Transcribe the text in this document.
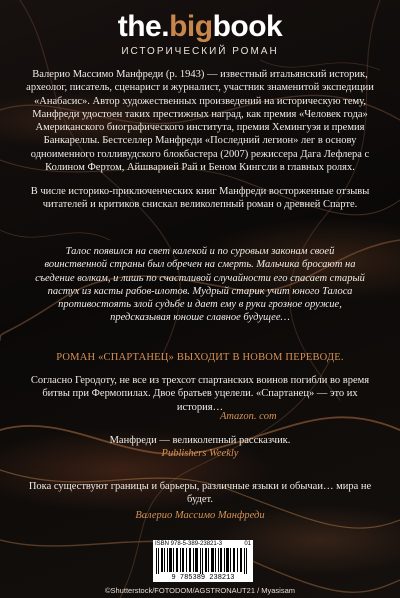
the.bigbook
ИСТОРИЧЕСКИЙ РОМАН
Валерио Массимо Манфреди (р. 1943) — известный итальянский историк, археолог, писатель, сценарист и журналист, участник знаменитой экспедиции «Анабасис». Автор художественных произведений на историческую тему, Манфреди удостоен таких престижных наград, как премия «Человек года» Американского биографического института, премия Хемингуэя и премия Банкареллы. Бестселлер Манфреди «Последний легион» лег в основу одноименного голливудского блокбастера (2007) режиссера Дага Лефлера с Колином Фертом, Айшварией Рай и Беном Кингсли в главных ролях.
В числе историко-приключенческих книг Манфреди восторженные отзывы читателей и критиков снискал великолепный роман о древней Спарте.
Талос появился на свет калекой и по суровым законам своей воинственной страны был обречен на смерть. Мальчика бросают на съедение волкам, и лишь по счастливой случайности его спасает старый пастух из касты рабов-илотов. Мудрый старик учит юного Талоса противостоять злой судьбе и дает ему в руки грозное оружие, предсказывая юноше славное будущее…
РОМАН «СПАРТАНЕЦ» ВЫХОДИТ В НОВОМ ПЕРЕВОДЕ.
Согласно Геродоту, не все из трехсот спартанских воинов погибли во время битвы при Фермопилах. Двое братьев уцелели. «Спартанец» — это их история…
Amazon. com
Манфреди — великолепный рассказчик.
Publishers Weekly
Пока существуют границы и барьеры, различные языки и обычаи… мира не будет.
Валерио Массимо Манфреди
ISBN 978-5-389-23821-3	01
9 785389 238213
©Shutterstock/FOTODOM/AGSTRONAUT21 / Myasisam
